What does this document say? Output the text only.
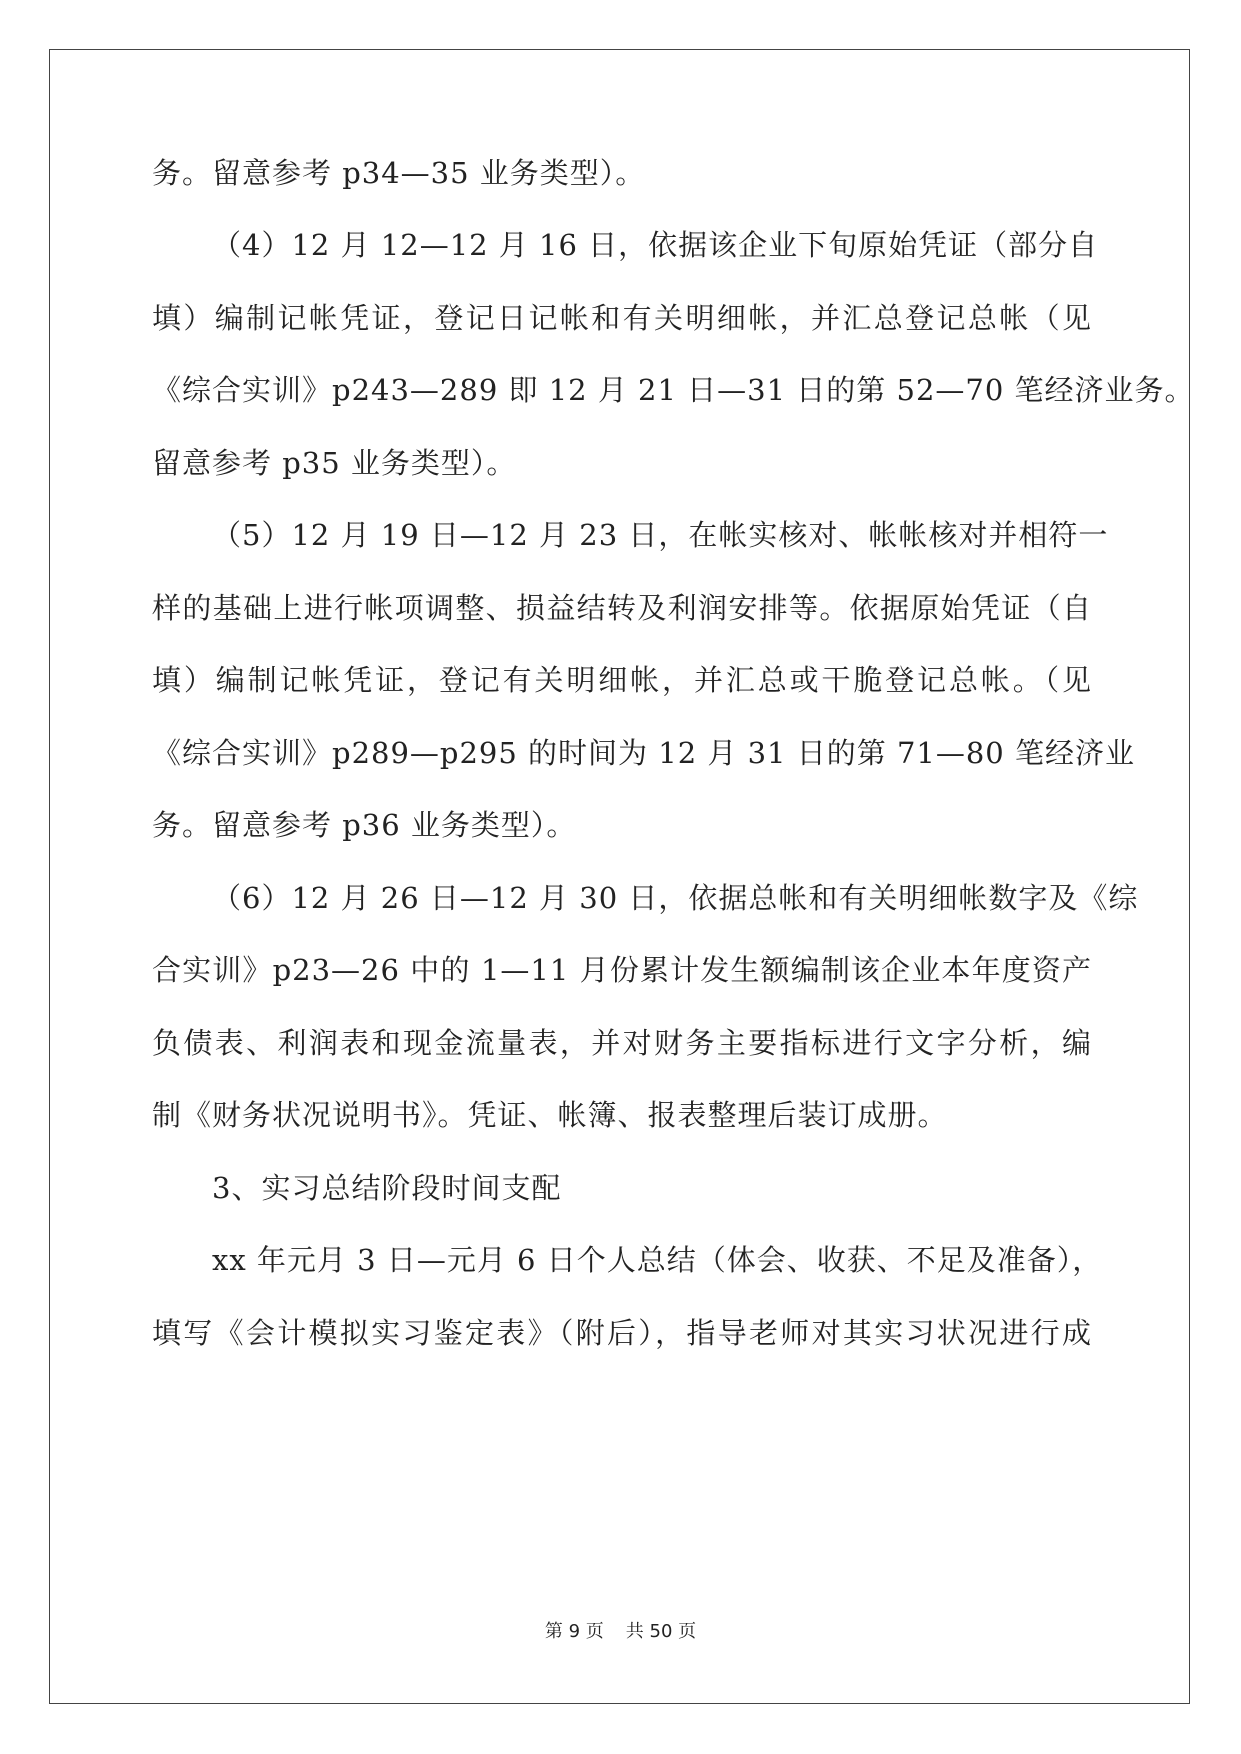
务。留意参考 p34—35 业务类型）。
（4）12 月 12—12 月 16 日，依据该企业下旬原始凭证（部分自
填）编制记帐凭证，登记日记帐和有关明细帐，并汇总登记总帐（见
《综合实训》p243—289 即 12 月 21 日—31 日的第 52—70 笔经济业务。
留意参考 p35 业务类型）。
（5）12 月 19 日—12 月 23 日，在帐实核对、帐帐核对并相符一
样的基础上进行帐项调整、损益结转及利润安排等。依据原始凭证（自
填）编制记帐凭证，登记有关明细帐，并汇总或干脆登记总帐。（见
《综合实训》p289—p295 的时间为 12 月 31 日的第 71—80 笔经济业
务。留意参考 p36 业务类型）。
（6）12 月 26 日—12 月 30 日，依据总帐和有关明细帐数字及《综
合实训》p23—26 中的 1—11 月份累计发生额编制该企业本年度资产
负债表、利润表和现金流量表，并对财务主要指标进行文字分析，编
制《财务状况说明书》。凭证、帐簿、报表整理后装订成册。
3、实习总结阶段时间支配
xx 年元月 3 日—元月 6 日个人总结（体会、收获、不足及准备），
填写《会计模拟实习鉴定表》（附后），指导老师对其实习状况进行成
第 9 页 共 50 页
